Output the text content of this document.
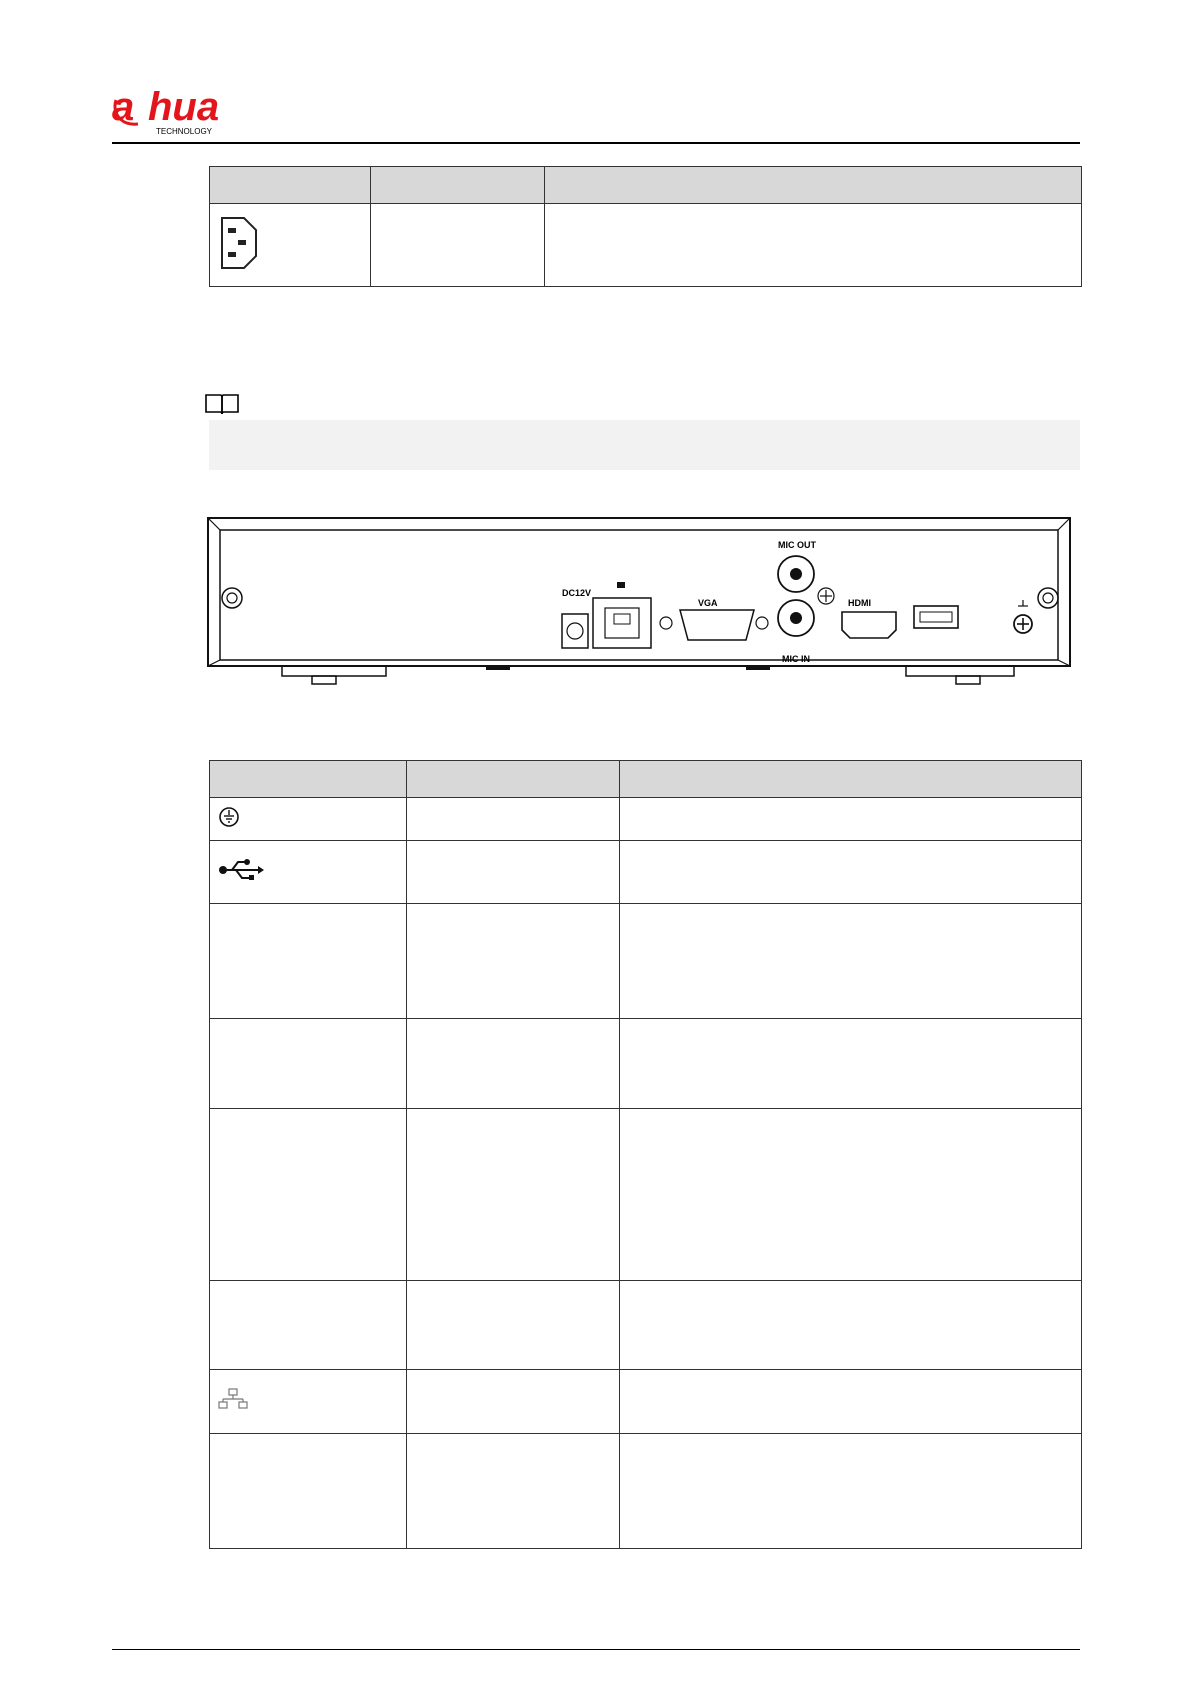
a hua
TECHNOLOGY

DC12V
VGA
MIC OUT
MIC IN
HDMI
